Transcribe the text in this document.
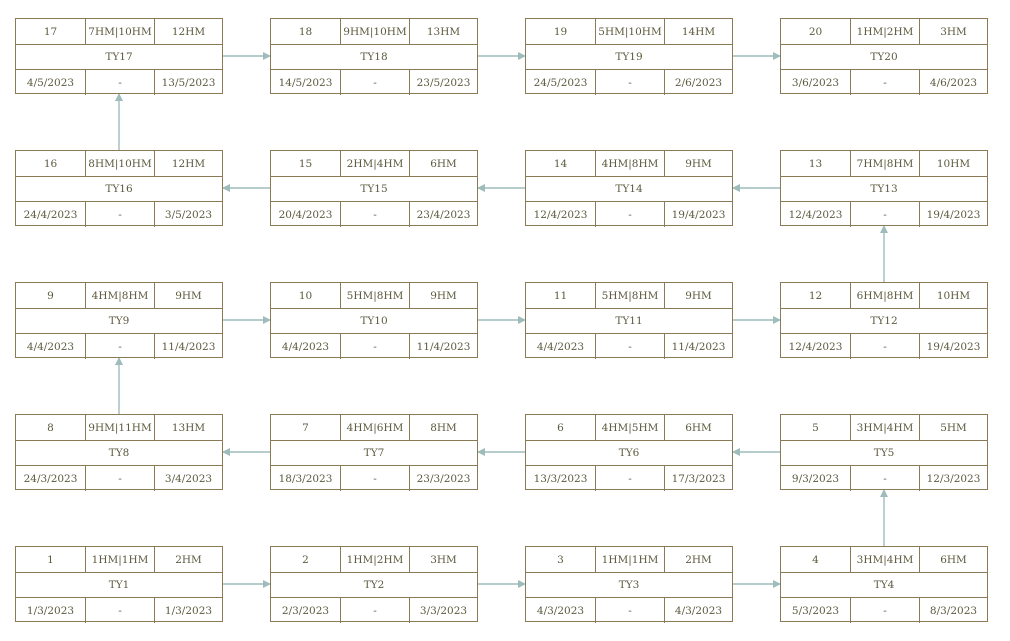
1	1HM|1HM	2HM
TY1
1/3/2023	-	1/3/2023
2	1HM|2HM	3HM
TY2
2/3/2023	-	3/3/2023
3	1HM|1HM	2HM
TY3
4/3/2023	-	4/3/2023
4	3HM|4HM	6HM
TY4
5/3/2023	-	8/3/2023
5	3HM|4HM	5HM
TY5
9/3/2023	-	12/3/2023
6	4HM|5HM	6HM
TY6
13/3/2023	-	17/3/2023
7	4HM|6HM	8HM
TY7
18/3/2023	-	23/3/2023
8	9HM|11HM	13HM
TY8
24/3/2023	-	3/4/2023
9	4HM|8HM	9HM
TY9
4/4/2023	-	11/4/2023
10	5HM|8HM	9HM
TY10
4/4/2023	-	11/4/2023
11	5HM|8HM	9HM
TY11
4/4/2023	-	11/4/2023
12	6HM|8HM	10HM
TY12
12/4/2023	-	19/4/2023
13	7HM|8HM	10HM
TY13
12/4/2023	-	19/4/2023
14	4HM|8HM	9HM
TY14
12/4/2023	-	19/4/2023
15	2HM|4HM	6HM
TY15
20/4/2023	-	23/4/2023
16	8HM|10HM	12HM
TY16
24/4/2023	-	3/5/2023
17	7HM|10HM	12HM
TY17
4/5/2023	-	13/5/2023
18	9HM|10HM	13HM
TY18
14/5/2023	-	23/5/2023
19	5HM|10HM	14HM
TY19
24/5/2023	-	2/6/2023
20	1HM|2HM	3HM
TY20
3/6/2023	-	4/6/2023
